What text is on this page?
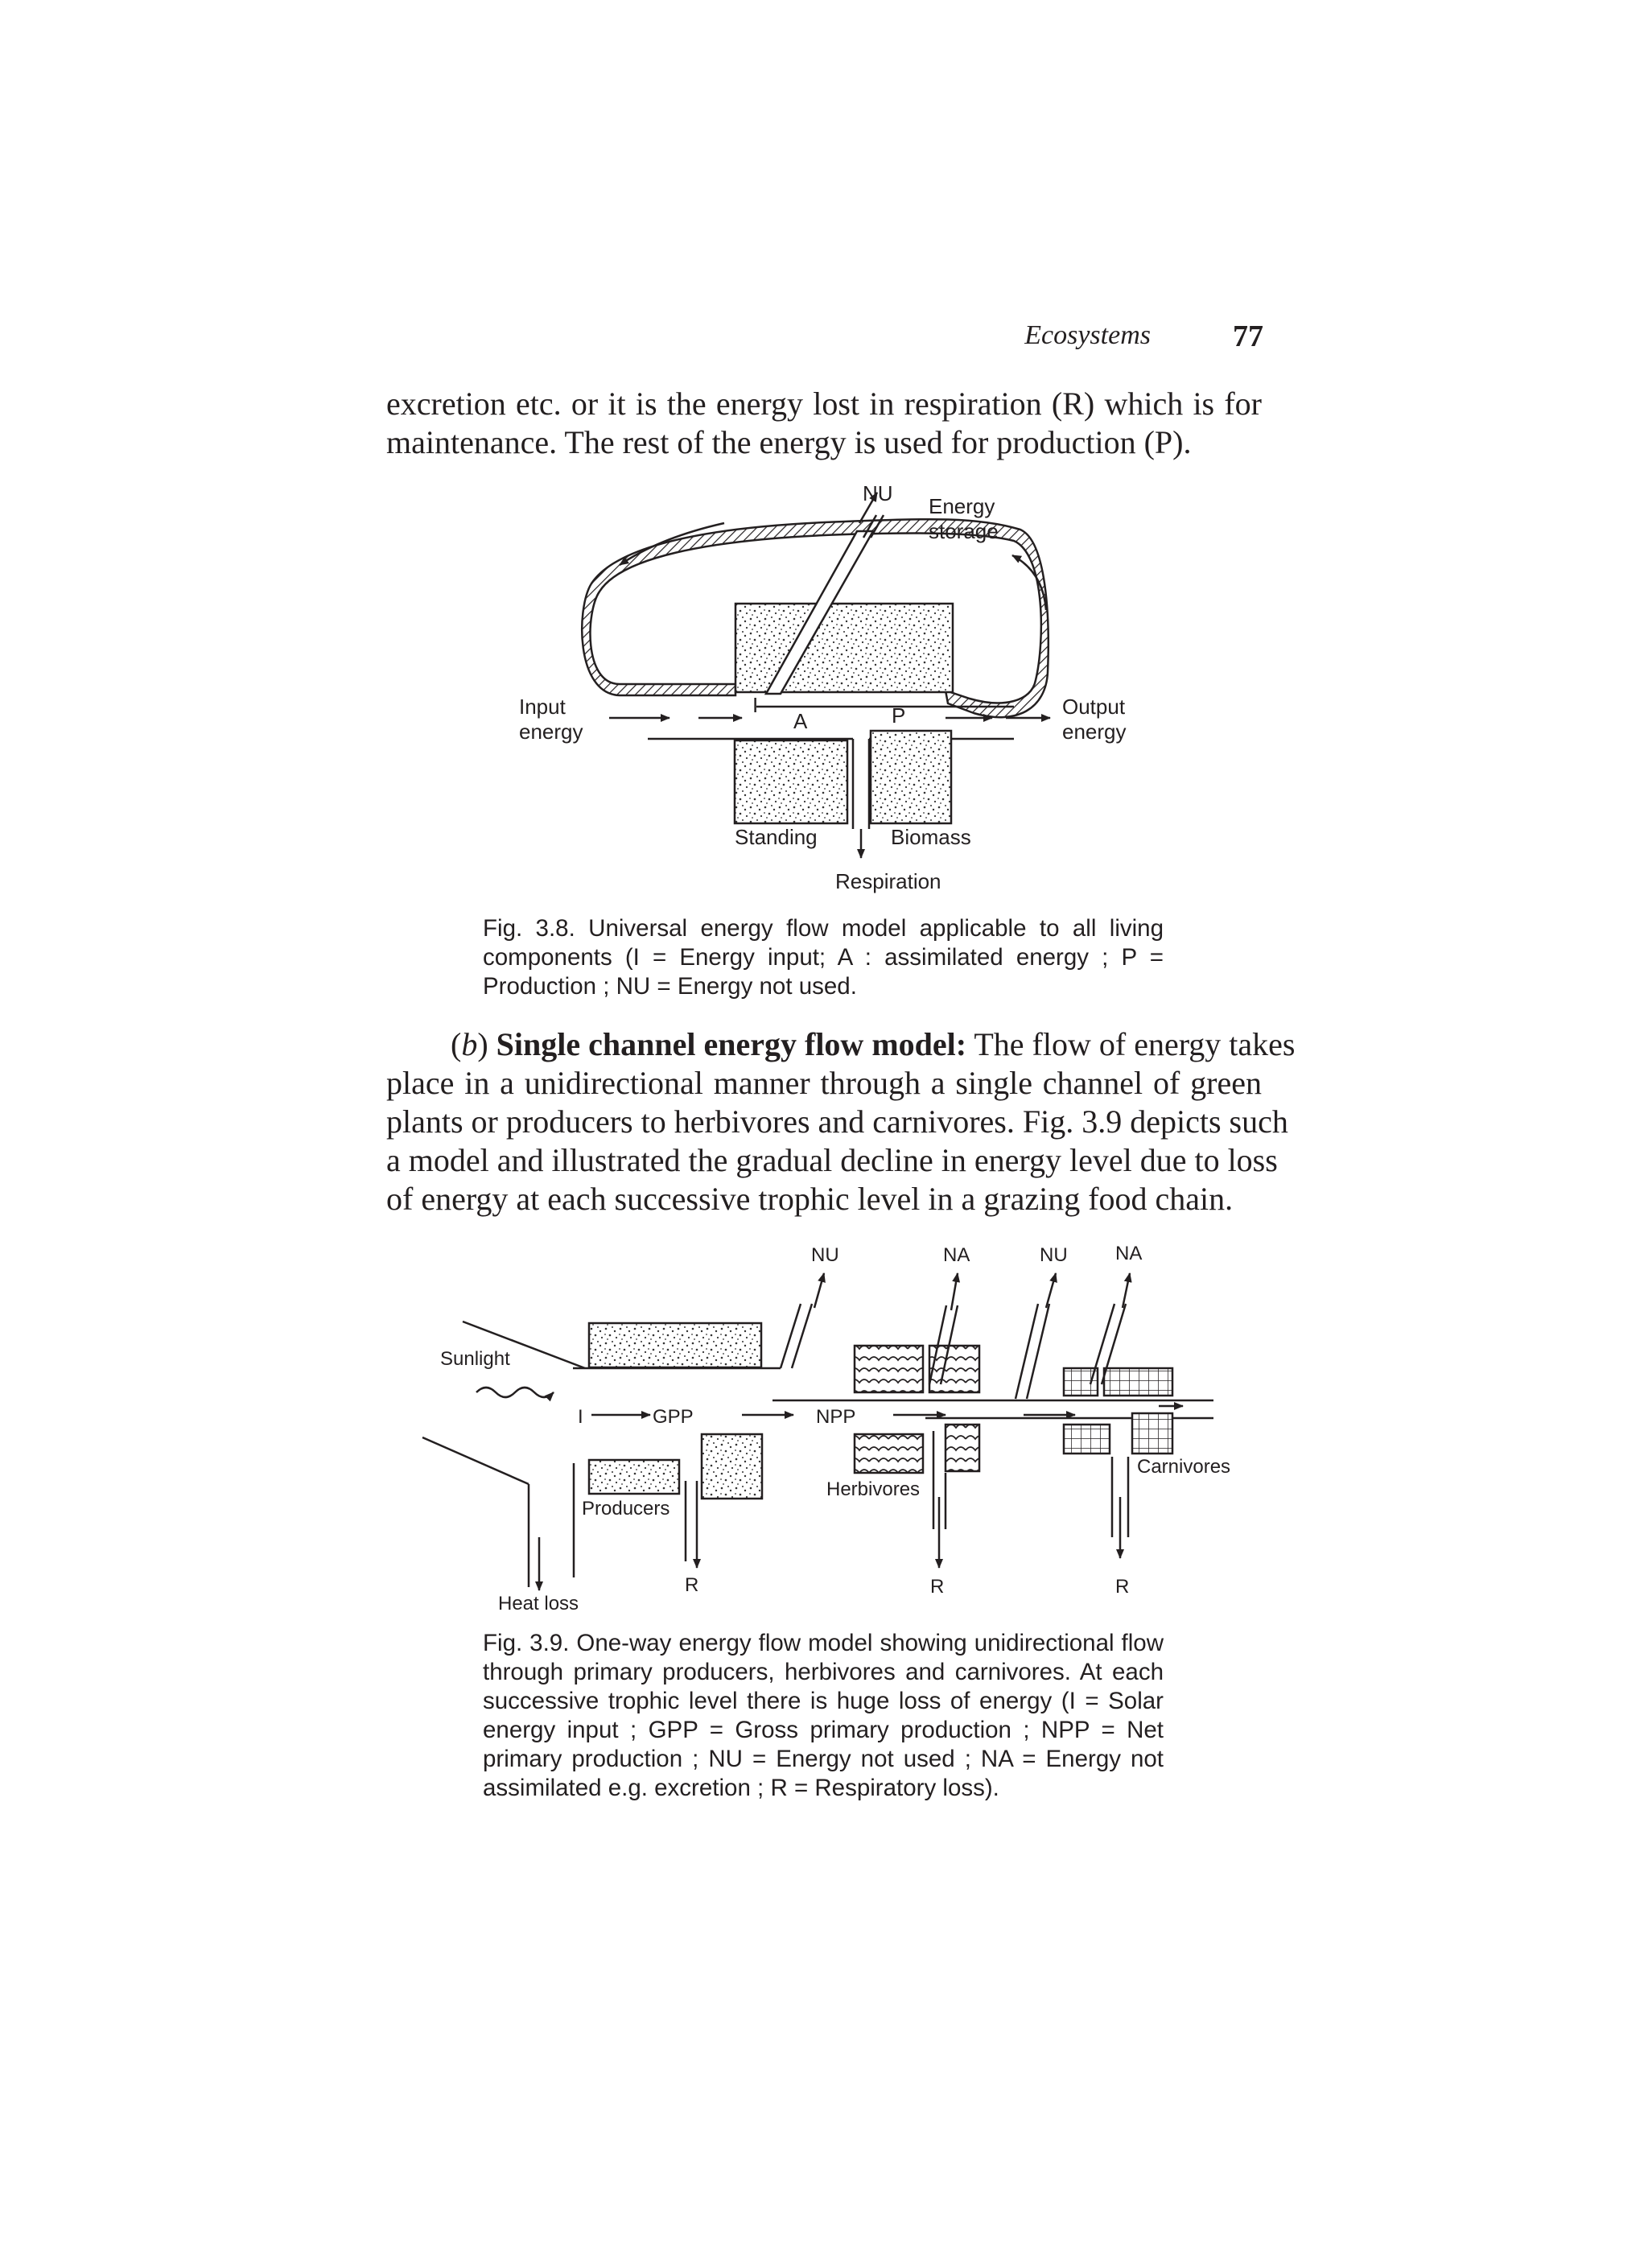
Ecosystems	77

excretion etc. or it is the energy lost in respiration (R) which is for
maintenance. The rest of the energy is used for production (P).

NU
Energy
storage
Input
energy
Output
energy
I
A	P
Standing	Biomass
Respiration
NU	NA	NU NA
Sunlight
I	GPP	NPP
Producers
Herbivores
Carnivores
Heat loss
R	R	R

Fig. 3.8. Universal energy flow model applicable to all living
components (I = Energy input; A : assimilated energy ; P =
Production ; NU = Energy not used.

(b) Single channel energy flow model: The flow of energy takes
place in a unidirectional manner through a single channel of green
plants or producers to herbivores and carnivores. Fig. 3.9 depicts such
a model and illustrated the gradual decline in energy level due to loss
of energy at each successive trophic level in a grazing food chain.

Fig. 3.9. One-way energy flow model showing unidirectional flow
through primary producers, herbivores and carnivores. At each
successive trophic level there is huge loss of energy (I = Solar
energy input ; GPP = Gross primary production ; NPP = Net
primary production ; NU = Energy not used ; NA = Energy not
assimilated e.g. excretion ; R = Respiratory loss).
